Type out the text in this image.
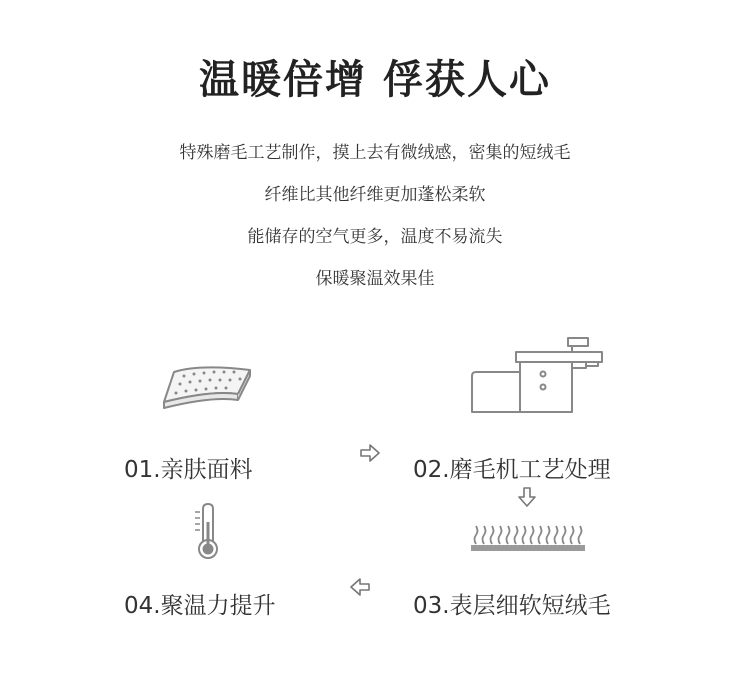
温暖倍增 俘获人心
特殊磨毛工艺制作，摸上去有微绒感，密集的短绒毛
纤维比其他纤维更加蓬松柔软
能储存的空气更多，温度不易流失
保暖聚温效果佳
01.亲肤面料	02.磨毛机工艺处理
03.表层细软短绒毛
04.聚温力提升
